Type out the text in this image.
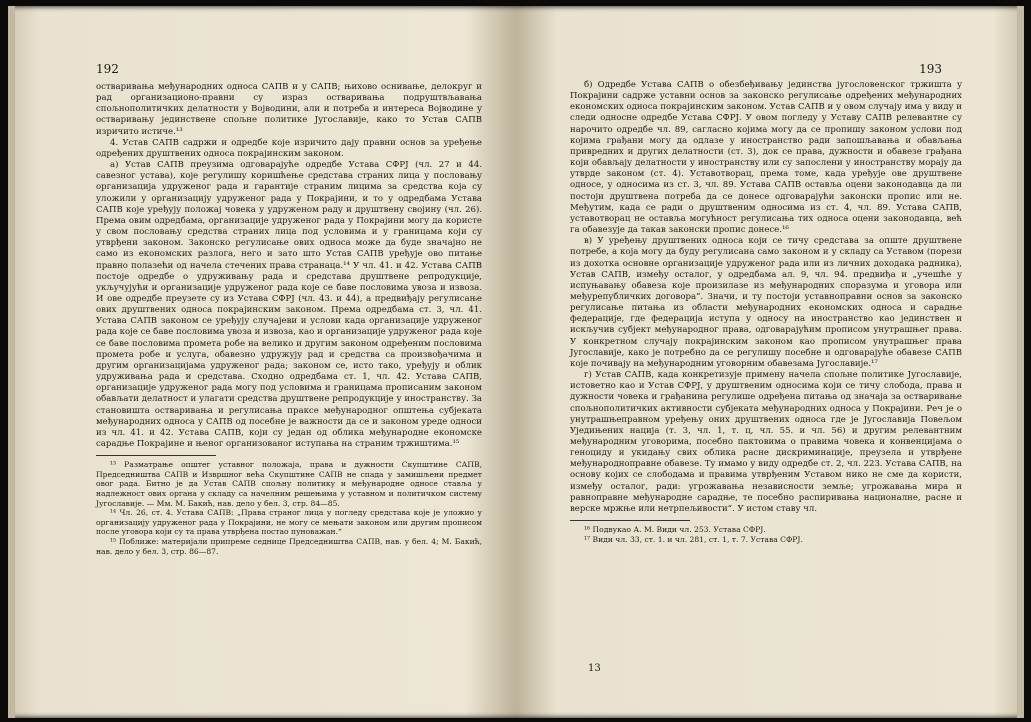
192

остваривања међународних односа САПВ и у САПВ; њихово оснивање, делокруг и рад организационо-правни су израз остваривања подруштвљавања спољнополитичких делатности у Војводини, али и потреба и интереса Војводине у остваривању јединствене спољне политике Југославије, како то Устав САПВ изричито истиче.¹³

4. Устав САПВ садржи и одредбе које изричито дају правни основ за уређење одређених друштвених односа покрајинским законом.

а) Устав САПВ преузима одговарајуће одредбе Устава СФРЈ (чл. 27 и 44. савезног устава), које регулишу коришћење средстава страних лица у пословању организација удруженог рада и гарантије страним лицима за средства која су уложили у организацију удруженог рада у Покрајини, и то у одредбама Устава САПВ које уређују положај човека у удруженом раду и друштвену својину (чл. 26). Према овим одредбама, организације удруженог рада у Покрајини могу да користе у свом пословању средства страних лица под условима и у границама који су утврђени законом. Законско регулисање ових односа може да буде значајно не само из економских разлога, него и зато што Устав САПВ уређује ово питање правно полазећи од начела стечених права странаца.¹⁴ У чл. 41. и 42. Устава САПВ постоје одредбе о удруживању рада и средстава друштвене репродукције, укључујући и организације удруженог рада које се баве пословима увоза и извоза. И ове одредбе преузете су из Устава СФРЈ (чл. 43. и 44), а предвиђају регулисање ових друштвених односа покрајинским законом. Према одредбама ст. 3, чл. 41. Устава САПВ законом се уређују случајеви и услови када организације удруженог рада које се баве пословима увоза и извоза, као и организације удруженог рада које се баве пословима промета робе на велико и другим законом одређеним пословима промета робе и услуга, обавезно удружују рад и средства са произвођачима и другим организацијама удруженог рада; законом се, исто тако, уређују и облик удруживања рада и средстава. Сходно одредбама ст. 1, чл. 42. Устава САПВ, организације удруженог рада могу под условима и границама прописаним законом обављати делатност и улагати средства друштвене репродукције у иностранству. За становишта остваривања и регулисања праксе међународног општења субјеката међународних односа у САПВ од посебне је важности да се и законом уреде односи из чл. 41. и 42. Устава САПВ, који су један од облика међународне економске сарадње Покрајине и њеног организованог иступања на страним тржиштима.¹⁵

¹³ Разматрање општег уставног положаја, права и дужности Скупштине САПВ, Председништва САПВ и Извршног већа Скупштине САПВ не спада у замишљени предмет овог рада. Битно је да Устав САПВ спољну политику и међународне односе стављa у надлежност ових органа у складу са начелним решењима у уставном и политичком систему Југославије. — Мм. М. Бакић, нав. дело у бел. 3, стр. 84—85.

¹⁴ Чл. 26, ст. 4. Устава САПВ: „Права страног лица у погледу средстава које је уложио у организацију удруженог рада у Покрајини, не могу се мењати законом или другим прописом после уговора који су та права утврђена постао пуноважан.“

¹⁵ Поближе: материјали припреме седнице Председништва САПВ, нав. у бел. 4; М. Бакић, нав. дело у бел. 3, стр. 86—87.

193

б) Одредбе Устава САПВ о обезбеђивању јединства југословенског тржишта у Покрајини садрже уставни основ за законско регулисање одређених међународних економских односа покрајинским законом. Устав САПВ и у овом случају има у виду и следи односне одредбе Устава СФРЈ. У овом погледу у Уставу САПВ релевантне су нарочито одредбе чл. 89, сагласно којима могу да се пропишу законом услови под којима грађани могу да одлазе у иностранство ради запошљавања и обављања привредних и других делатности (ст. 3), док се права, дужности и обавезе грађана који обављају делатности у иностранству или су запослени у иностранству морају да утврде законом (ст. 4). Уставотворац, према томе, када уређује ове друштвене односе, у односима из ст. 3, чл. 89. Устава САПВ оставља оцени законодавца да ли постоји друштвена потреба да се донесе одговарајући законски пропис или не. Међутим, када се ради о друштвеним односима из ст. 4, чл. 89. Устава САПВ, уставотворац не оставља могућност регулисања тих односа оцени законодавца, већ га обавезује да такав законски пропис донесе.¹⁶

в) У уређењу друштвених односа који се тичу средстава за опште друштвене потребе, а која могу да буду регулисана само законом и у складу са Уставом (порези из дохотка основне организације удруженог рада или из личних доходака радника), Устав САПВ, између осталог, у одредбама ал. 9, чл. 94. предвиђа и „учешће у испуњавању обавеза које произилазе из међународних споразума и уговора или међурепубличких договора“. Значи, и ту постоји уставноправни основ за законско регулисање питања из области међународних економских односа и сарадње федерације, где федерација иступа у односу на иностранство као јединствен и искључив субјект међународног права, одговарајућим прописом унутрашњег права. У конкретном случају покрајинским законом као прописом унутрашњег права Југославије, како је потребно да се регулишу посебне и одговарајуће обавезе САПВ које почивају на међународним уговорним обавезама Југославије.¹⁷

г) Устав САПВ, када конкретизује примену начела спољне политике Југославије, истоветно као и Устав СФРЈ, у друштвеним односима који се тичу слобода, права и дужности човека и грађанина регулише одређена питања од значаја за остваривање спољнополитичких активности субјеката међународних односа у Покрајини. Реч је о унутрашњеправном уређењу оних друштвених односа где је Југославија Повељом Уједињених нација (т. 3, чл. 1, т. ц, чл. 55. и чл. 56) и другим релевантним међународним уговорима, посебно пактовима о правима човека и конвенцијама о геноциду и укидању свих облика расне дискриминације, преузела и утврђене међународноправне обавезе. Ту имамо у виду одредбе ст. 2, чл. 223. Устава САПВ, на основу којих се слободама и правима утврђеним Уставом нико не сме да користи, између осталог, ради: угрожавања независности земље; угрожавања мира и равноправне међународне сарадње, те посебно распиривања националне, расне и верске мржње или нетрпељивости“. У истом ставу чл.

¹⁶ Подвукао А. М. Види чл. 253. Устава СФРЈ.

¹⁷ Види чл. 33, ст. 1. и чл. 281, ст. 1, т. 7. Устава СФРЈ.

13
